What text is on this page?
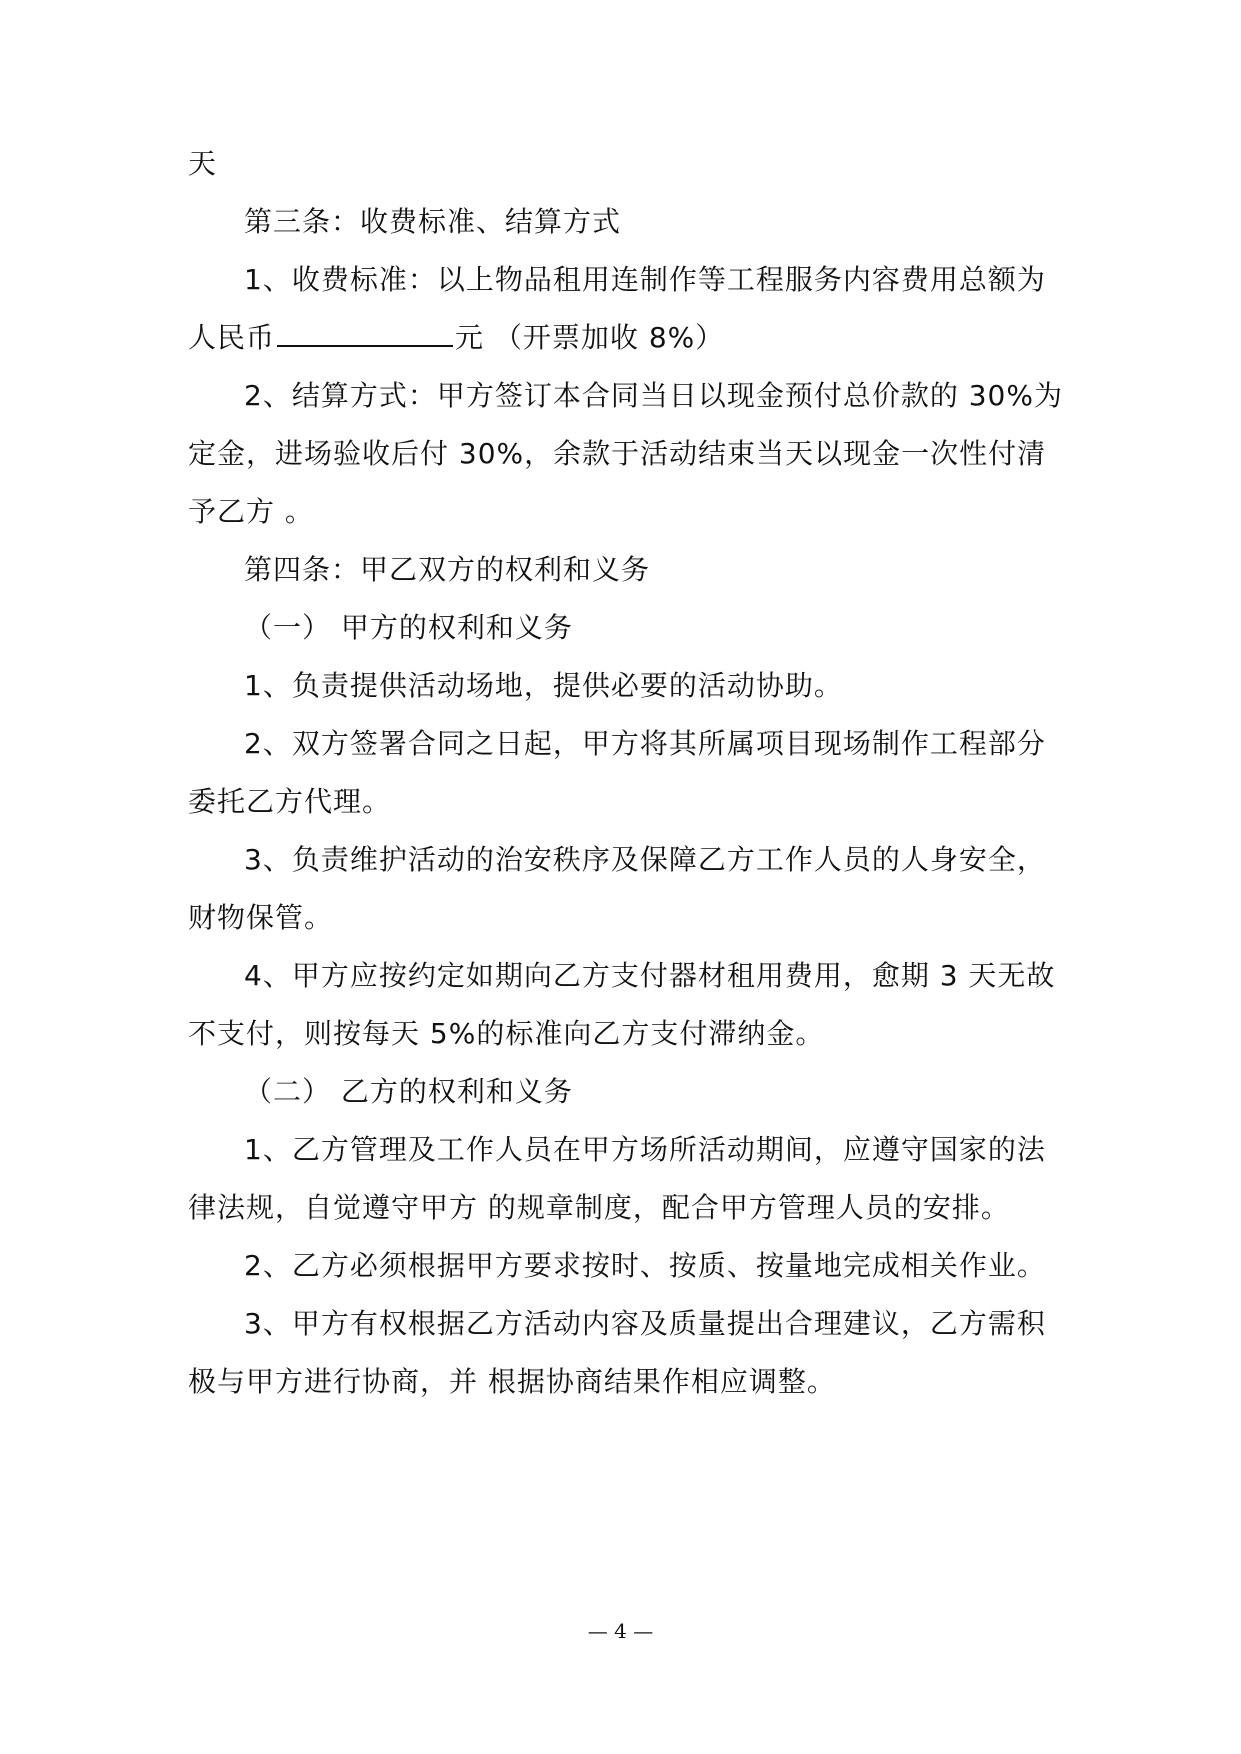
天
第三条：收费标准、结算方式
1、收费标准：以上物品租用连制作等工程服务内容费用总额为
人民币	元 （开票加收 8%）
2、结算方式：甲方签订本合同当日以现金预付总价款的 30%为
定金，进场验收后付 30%，余款于活动结束当天以现金一次性付清
予乙方 。
第四条：甲乙双方的权利和义务
（一） 甲方的权利和义务
1、负责提供活动场地，提供必要的活动协助。
2、双方签署合同之日起，甲方将其所属项目现场制作工程部分
委托乙方代理。
3、负责维护活动的治安秩序及保障乙方工作人员的人身安全，
财物保管。
4、甲方应按约定如期向乙方支付器材租用费用，愈期 3 天无故
不支付，则按每天 5%的标准向乙方支付滞纳金。
（二） 乙方的权利和义务
1、乙方管理及工作人员在甲方场所活动期间，应遵守国家的法
律法规，自觉遵守甲方 的规章制度，配合甲方管理人员的安排。
2、乙方必须根据甲方要求按时、按质、按量地完成相关作业。
3、甲方有权根据乙方活动内容及质量提出合理建议，乙方需积
极与甲方进行协商，并 根据协商结果作相应调整。
— 4 —
